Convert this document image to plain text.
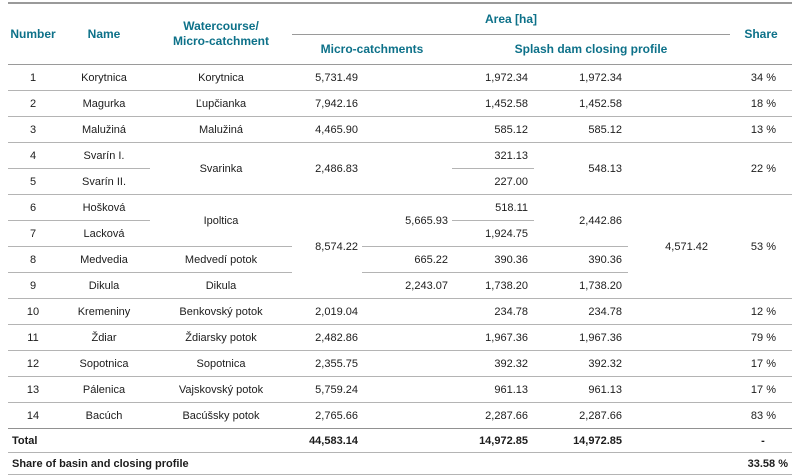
Number	Name	Watercourse/
Micro-catchment	Area [ha]					Share
			Micro-catchments		Splash dam closing profile			
1	Korytnica	Korytnica	5,731.49		1,972.34	1,972.34		34 %
2	Magurka	Ľupčianka	7,942.16		1,452.58	1,452.58		18 %
3	Malužiná	Malužiná	4,465.90		585.12	585.12		13 %
4	Svarín I.	Svarinka	2,486.83		321.13	548.13		22 %
5	Svarín II.				227.00			
6	Hošková	Ipoltica	8,574.22	5,665.93	518.11	2,442.86	4,571.42	53 %
7	Lacková				1,924.75			
8	Medvedia	Medvedí potok		665.22	390.36	390.36		
9	Dikula	Dikula		2,243.07	1,738.20	1,738.20		
10	Kremeniny	Benkovský potok	2,019.04		234.78	234.78		12 %
11	Ždiar	Ždiarsky potok	2,482.86		1,967.36	1,967.36		79 %
12	Sopotnica	Sopotnica	2,355.75		392.32	392.32		17 %
13	Pálenica	Vajskovský potok	5,759.24		961.13	961.13		17 %
14	Bacúch	Bacúšsky potok	2,765.66		2,287.66	2,287.66		83 %
Total			44,583.14		14,972.85	14,972.85		-
Share of basin and closing profile								33.58 %
